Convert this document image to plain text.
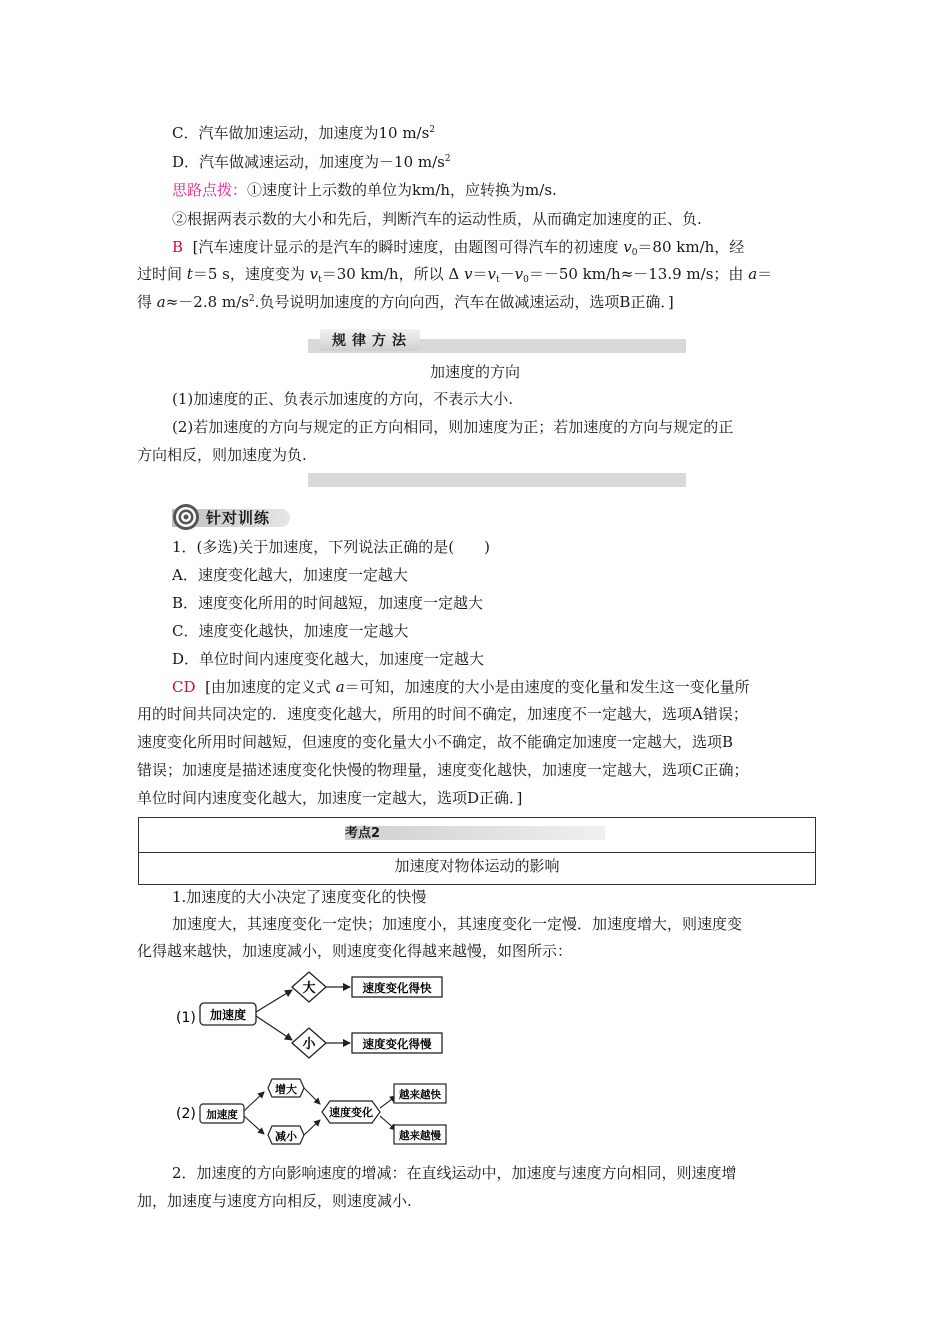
C．汽车做加速运动，加速度为10 $m/s^2$
D．汽车做减速运动，加速度为－10 $m/s^2$
思路点拨：①速度计上示数的单位为km/h，应转换为m/s.
②根据两表示数的大小和先后，判断汽车的运动性质，从而确定加速度的正、负.
B [汽车速度计显示的是汽车的瞬时速度，由题图可得汽车的初速度 $v_0=80$ km/h，经
过时间 t＝5 s，速度变为 $v_t=30$ km/h，所以 Δ $v=v_t-v_0=-50$ km/h≈－13.9 m/s；由 a＝
得 a≈－2.8 $m/s^2$.负号说明加速度的方向向西，汽车在做减速运动，选项B正确．]
规律方法
加速度的方向
(1)加速度的正、负表示加速度的方向，不表示大小.
(2)若加速度的方向与规定的正方向相同，则加速度为正；若加速度的方向与规定的正
方向相反，则加速度为负.
针对训练
1．(多选)关于加速度，下列说法正确的是(　　)
A．速度变化越大，加速度一定越大
B．速度变化所用的时间越短，加速度一定越大
C．速度变化越快，加速度一定越大
D．单位时间内速度变化越大，加速度一定越大
CD [由加速度的定义式 a＝可知，加速度的大小是由速度的变化量和发生这一变化量所
用的时间共同决定的．速度变化越大，所用的时间不确定，加速度不一定越大，选项A错误；
速度变化所用时间越短，但速度的变化量大小不确定，故不能确定加速度一定越大，选项B
错误；加速度是描述速度变化快慢的物理量，速度变化越快，加速度一定越大，选项C正确；
单位时间内速度变化越大，加速度一定越大，选项D正确．]
考点2
加速度对物体运动的影响
1.加速度的大小决定了速度变化的快慢
加速度大，其速度变化一定快；加速度小，其速度变化一定慢．加速度增大，则速度变
化得越来越快，加速度减小，则速度变化得越来越慢，如图所示：
(1) 加速度
大
小
速度变化得快
速度变化得慢
(2) 加速度
增大
减小
速度变化
越来越快
越来越慢
2．加速度的方向影响速度的增减：在直线运动中，加速度与速度方向相同，则速度增
加，加速度与速度方向相反，则速度减小.
